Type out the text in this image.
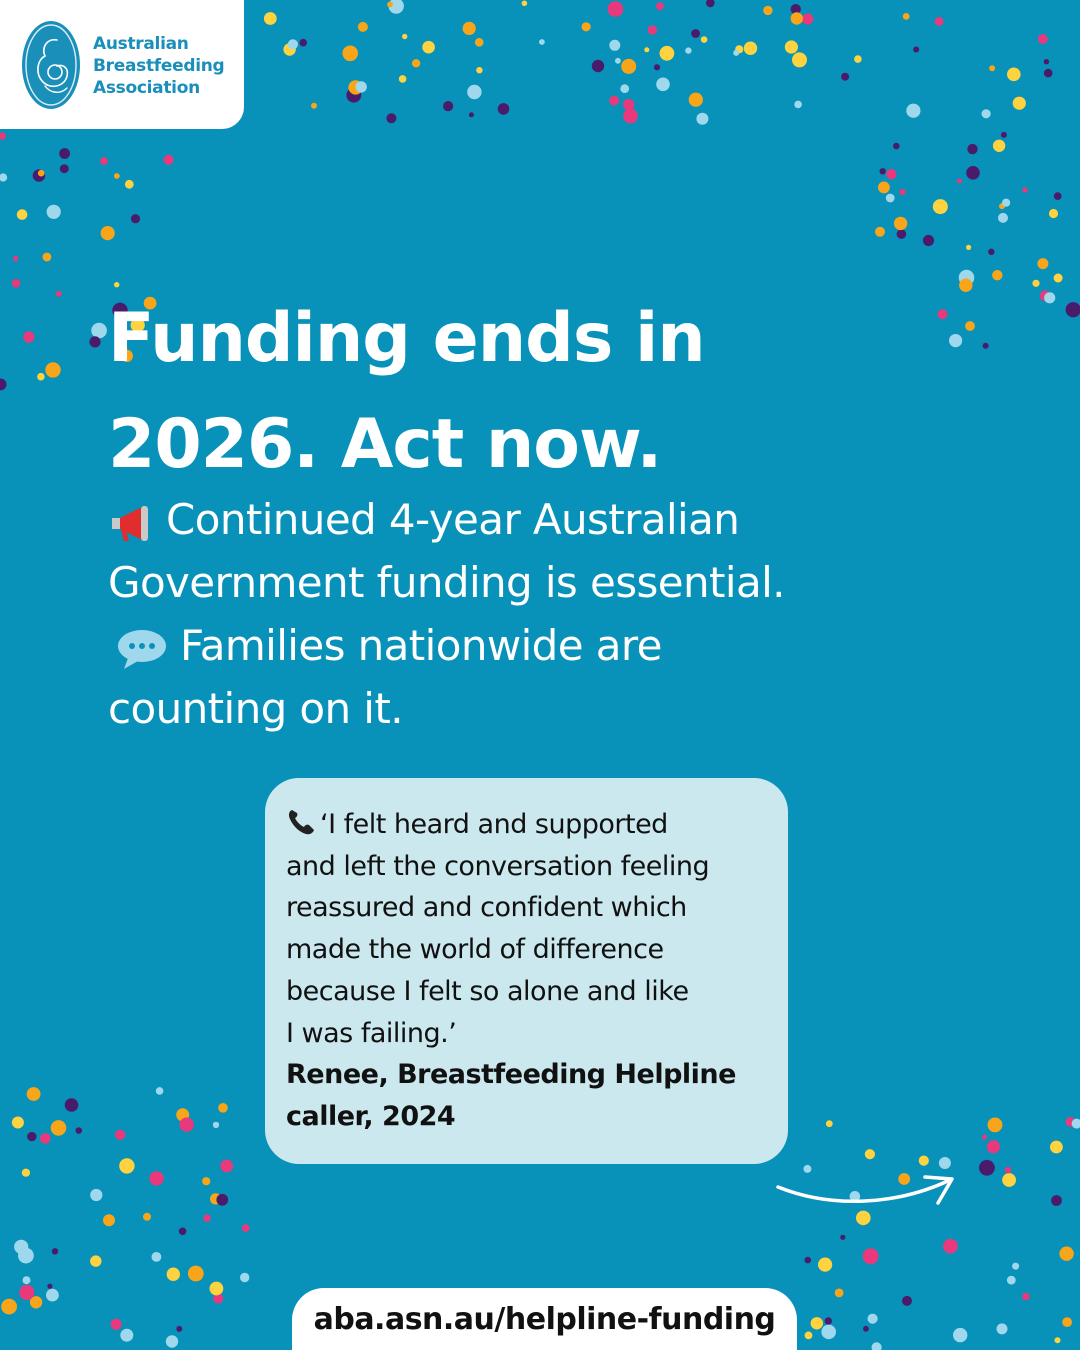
Australian
Breastfeeding
Association
Funding ends in
2026. Act now.
Continued 4-year Australian
Government funding is essential.
Families nationwide are
counting on it.
‘I felt heard and supported
and left the conversation feeling
reassured and confident which
made the world of difference
because I felt so alone and like
I was failing.’
Renee, Breastfeeding Helpline
caller, 2024
aba.asn.au/helpline-funding
